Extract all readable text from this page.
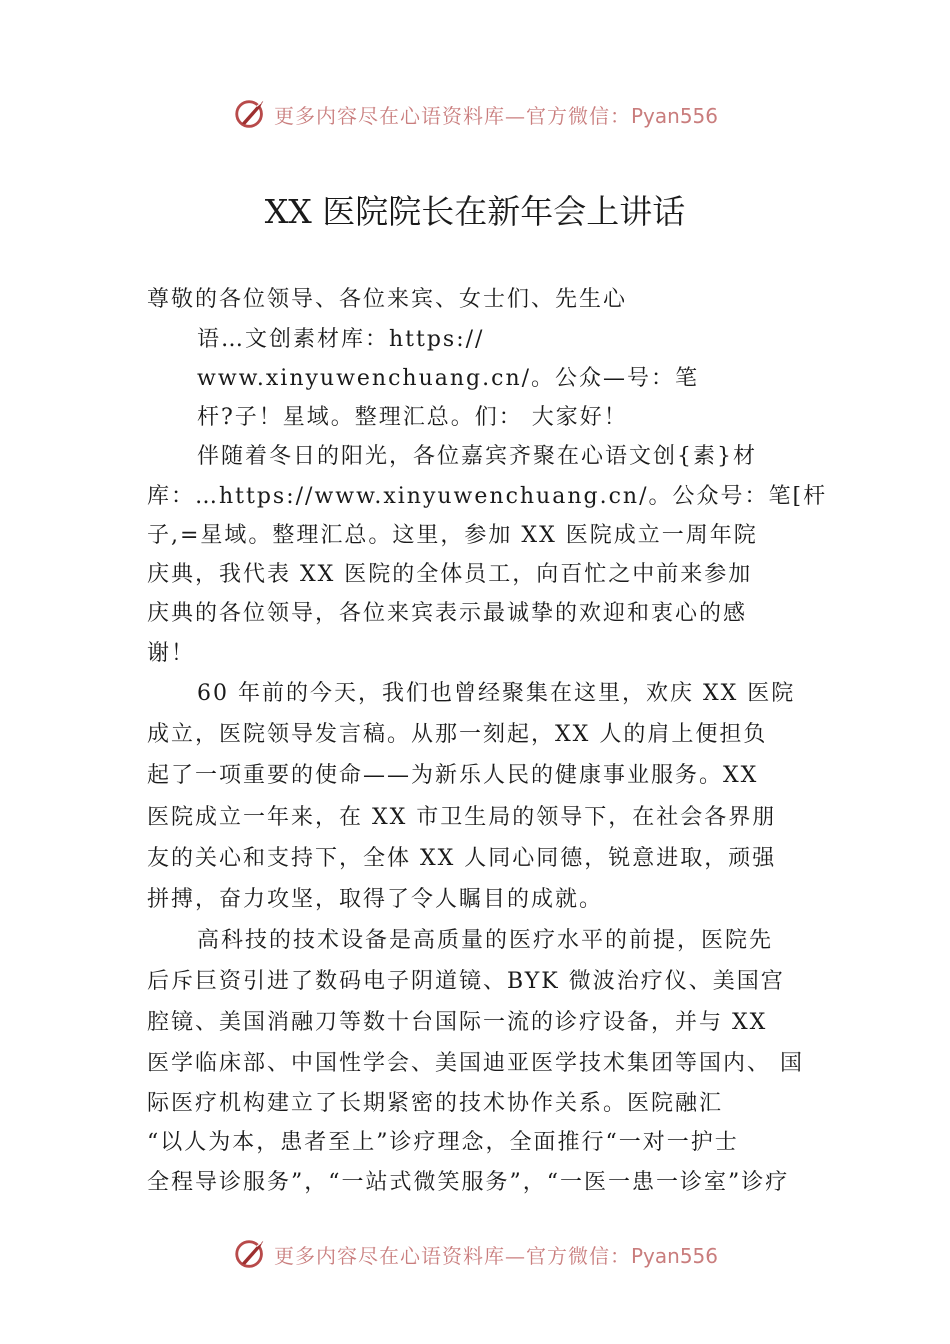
更多内容尽在心语资料库—官方微信：Pyan556
XX 医院院长在新年会上讲话
尊敬的各位领导、各位来宾、女士们、先生心
语…文创素材库：https://
www.xinyuwenchuang.cn/。公众—号：笔
杆?子！星域。整理汇总。们： 大家好！
伴随着冬日的阳光，各位嘉宾齐聚在心语文创{素}材
库：…https://www.xinyuwenchuang.cn/。公众号：笔[杆
子,=星域。整理汇总。这里，参加 XX 医院成立一周年院
庆典，我代表 XX 医院的全体员工，向百忙之中前来参加
庆典的各位领导，各位来宾表示最诚挚的欢迎和衷心的感
谢！
60 年前的今天，我们也曾经聚集在这里，欢庆 XX 医院
成立，医院领导发言稿。从那一刻起，XX 人的肩上便担负
起了一项重要的使命——为新乐人民的健康事业服务。XX
医院成立一年来，在 XX 市卫生局的领导下，在社会各界朋
友的关心和支持下，全体 XX 人同心同德，锐意进取，顽强
拼搏，奋力攻坚，取得了令人瞩目的成就。
高科技的技术设备是高质量的医疗水平的前提，医院先
后斥巨资引进了数码电子阴道镜、BYK 微波治疗仪、美国宫
腔镜、美国消融刀等数十台国际一流的诊疗设备，并与 XX
医学临床部、中国性学会、美国迪亚医学技术集团等国内、 国
际医疗机构建立了长期紧密的技术协作关系。医院融汇
“以人为本，患者至上”诊疗理念，全面推行“一对一护士
全程导诊服务”，“一站式微笑服务”，“一医一患一诊室”诊疗
更多内容尽在心语资料库—官方微信：Pyan556
